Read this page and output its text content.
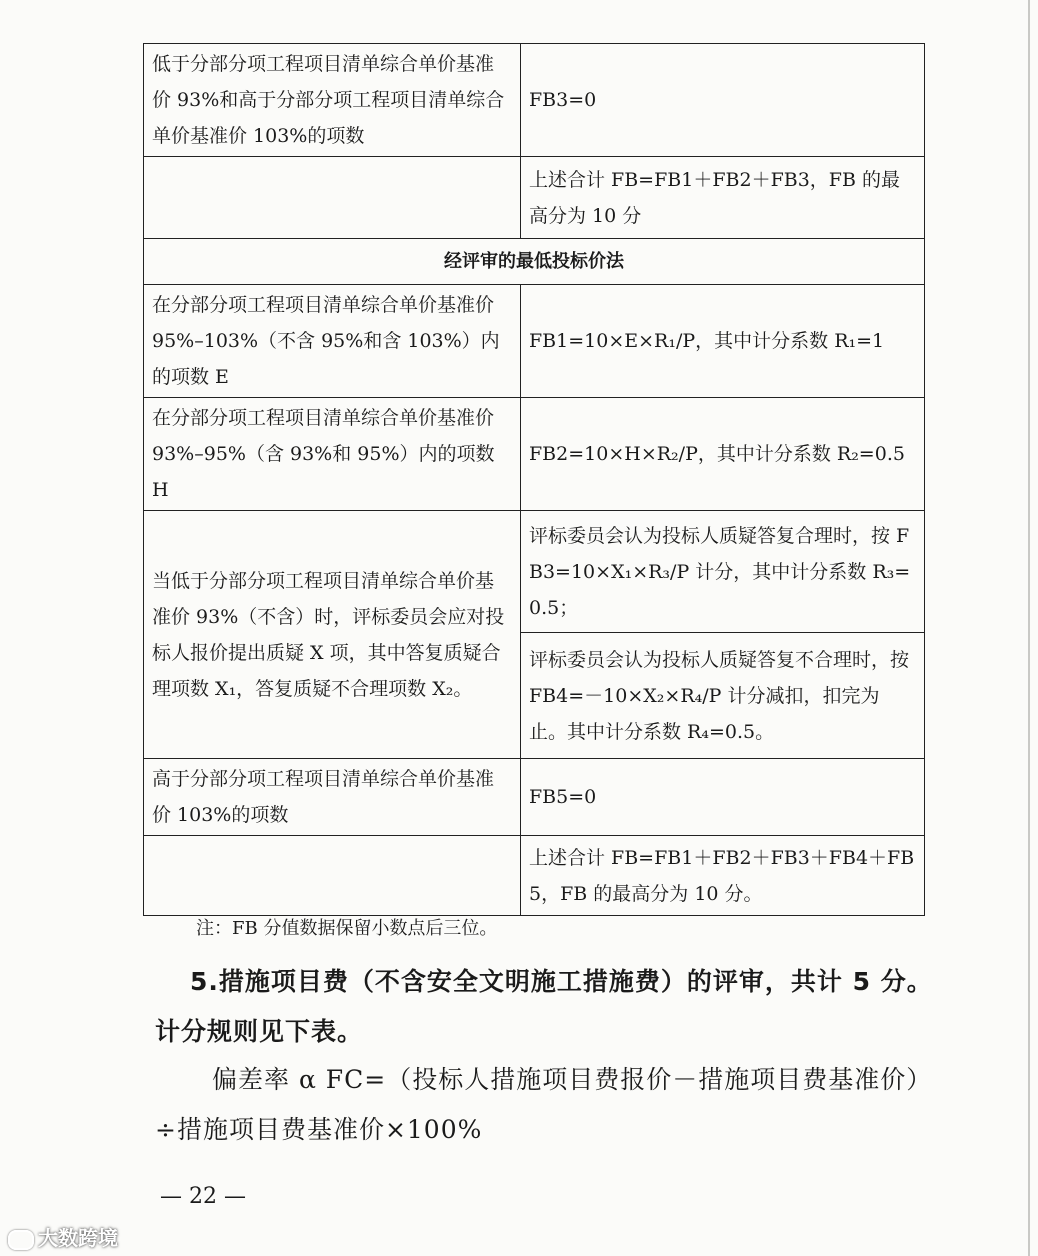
低于分部分项工程项目清单综合单价基准价 93%和高于分部分项工程项目清单综合单价基准价 103%的项数	FB3=0
	上述合计 FB=FB1＋FB2＋FB3，FB 的最高分为 10 分
经评审的最低投标价法	
在分部分项工程项目清单综合单价基准价 95%–103%（不含 95%和含 103%）内的项数 E	FB1=10×E×R₁/P，其中计分系数 R₁=1
在分部分项工程项目清单综合单价基准价 93%–95%（含 93%和 95%）内的项数 H	FB2=10×H×R₂/P，其中计分系数 R₂=0.5
当低于分部分项工程项目清单综合单价基准价 93%（不含）时，评标委员会应对投标人报价提出质疑 X 项，其中答复质疑合理项数 X₁，答复质疑不合理项数 X₂。	评标委员会认为投标人质疑答复合理时，按 FB3=10×X₁×R₃/P 计分，其中计分系数 R₃=0.5；
	评标委员会认为投标人质疑答复不合理时，按 FB4=－10×X₂×R₄/P 计分减扣，扣完为止。其中计分系数 R₄=0.5。
高于分部分项工程项目清单综合单价基准价 103%的项数	FB5=0
	上述合计 FB=FB1＋FB2＋FB3＋FB4＋FB5，FB 的最高分为 10 分。
注：FB 分值数据保留小数点后三位。
5.措施项目费（不含安全文明施工措施费）的评审，共计 5 分。
计分规则见下表。
偏差率 α FC=（投标人措施项目费报价－措施项目费基准价）
÷措施项目费基准价×100%
— 22 —
大数跨境
